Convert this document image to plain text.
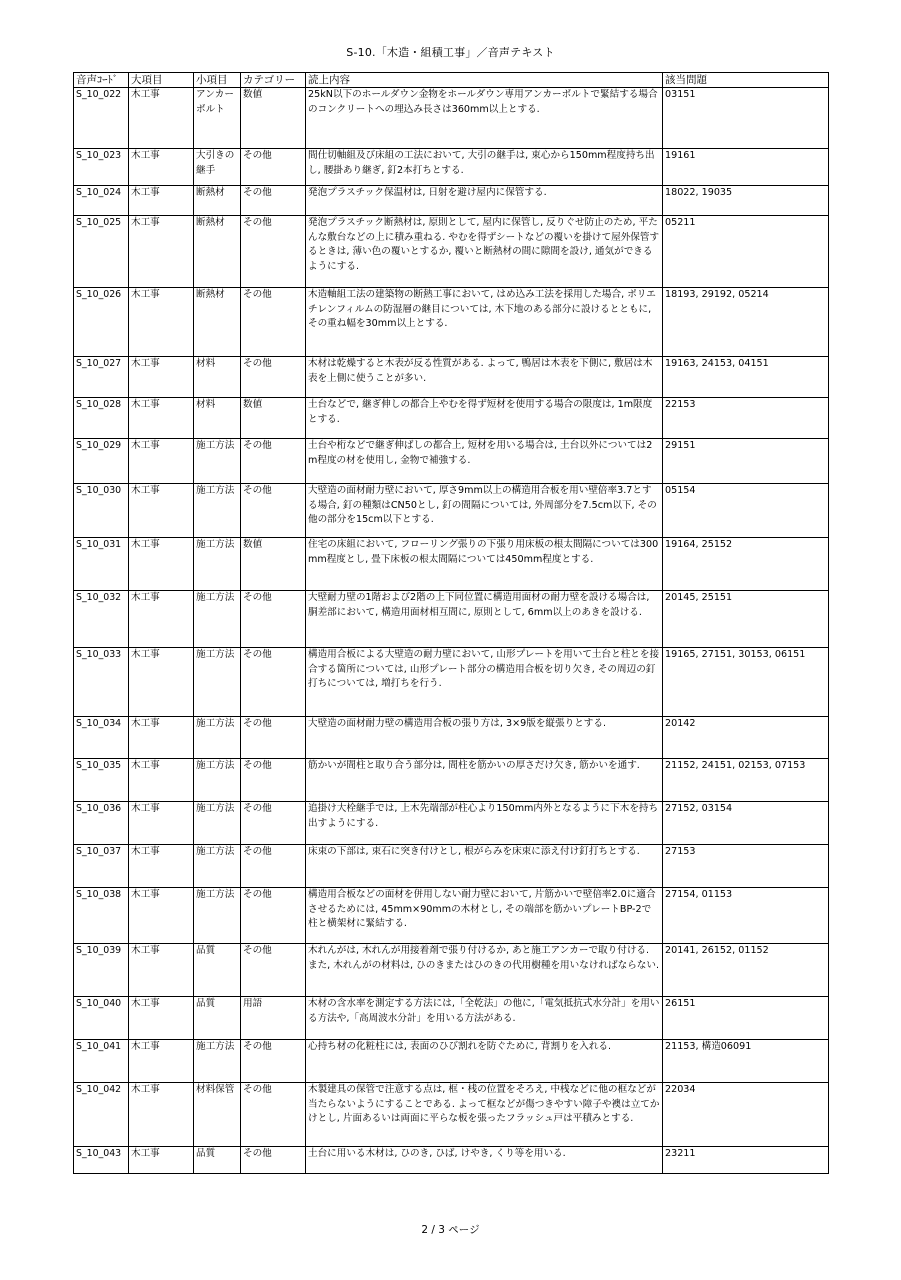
S-10.「木造・組積工事」／音声テキスト
音声ｺｰﾄﾞ	大項目	小項目	カテゴリー	読上内容	該当問題
S_10_022	木工事	アンカーボルト	数値	25kN以下のホールダウン金物をホールダウン専用アンカーボルトで緊結する場合のコンクリートへの埋込み長さは360mm以上とする.	03151
S_10_023	木工事	大引きの継手	その他	間仕切軸組及び床組の工法において, 大引の継手は, 束心から150mm程度持ち出し, 腰掛あり継ぎ, 釘2本打ちとする.	19161
S_10_024	木工事	断熱材	その他	発泡プラスチック保温材は, 日射を避け屋内に保管する.	18022, 19035
S_10_025	木工事	断熱材	その他	発泡プラスチック断熱材は, 原則として, 屋内に保管し, 反りぐせ防止のため, 平たんな敷台などの上に積み重ねる. やむを得ずシートなどの覆いを掛けて屋外保管するときは, 薄い色の覆いとするか, 覆いと断熱材の間に隙間を設け, 通気ができるようにする.	05211
S_10_026	木工事	断熱材	その他	木造軸組工法の建築物の断熱工事において, はめ込み工法を採用した場合, ポリエチレンフィルムの防湿層の継目については, 木下地のある部分に設けるとともに, その重ね幅を30mm以上とする.	18193, 29192, 05214
S_10_027	木工事	材料	その他	木材は乾燥すると木表が反る性質がある. よって, 鴨居は木表を下側に, 敷居は木表を上側に使うことが多い.	19163, 24153, 04151
S_10_028	木工事	材料	数値	土台などで, 継ぎ伸しの都合上やむを得ず短材を使用する場合の限度は, 1m限度とする.	22153
S_10_029	木工事	施工方法	その他	土台や桁などで継ぎ伸ばしの都合上, 短材を用いる場合は, 土台以外については2m程度の材を使用し, 金物で補強する.	29151
S_10_030	木工事	施工方法	その他	大壁造の面材耐力壁において, 厚さ9mm以上の構造用合板を用い壁倍率3.7とする場合, 釘の種類はCN50とし, 釘の間隔については, 外周部分を7.5cm以下, その他の部分を15cm以下とする.	05154
S_10_031	木工事	施工方法	数値	住宅の床組において, フローリング張りの下張り用床板の根太間隔については300mm程度とし, 畳下床板の根太間隔については450mm程度とする.	19164, 25152
S_10_032	木工事	施工方法	その他	大壁耐力壁の1階および2階の上下同位置に構造用面材の耐力壁を設ける場合は, 胴差部において, 構造用面材相互間に, 原則として, 6mm以上のあきを設ける.	20145, 25151
S_10_033	木工事	施工方法	その他	構造用合板による大壁造の耐力壁において, 山形プレートを用いて土台と柱とを接合する箇所については, 山形プレート部分の構造用合板を切り欠き, その周辺の釘打ちについては, 増打ちを行う.	19165, 27151, 30153, 06151
S_10_034	木工事	施工方法	その他	大壁造の面材耐力壁の構造用合板の張り方は, 3×9版を縦張りとする.	20142
S_10_035	木工事	施工方法	その他	筋かいが間柱と取り合う部分は, 間柱を筋かいの厚さだけ欠き, 筋かいを通す.	21152, 24151, 02153, 07153
S_10_036	木工事	施工方法	その他	追掛け大栓継手では, 上木先端部が柱心より150mm内外となるように下木を持ち出すようにする.	27152, 03154
S_10_037	木工事	施工方法	その他	床束の下部は, 束石に突き付けとし, 根がらみを床束に添え付け釘打ちとする.	27153
S_10_038	木工事	施工方法	その他	構造用合板などの面材を併用しない耐力壁において, 片筋かいで壁倍率2.0に適合させるためには, 45mm×90mmの木材とし, その端部を筋かいプレートBP-2で柱と横架材に緊結する.	27154, 01153
S_10_039	木工事	品質	その他	木れんがは, 木れんが用接着剤で張り付けるか, あと施工アンカーで取り付ける. また, 木れんがの材料は, ひのきまたはひのきの代用樹種を用いなければならない.	20141, 26152, 01152
S_10_040	木工事	品質	用語	木材の含水率を測定する方法には,「全乾法」の他に,「電気抵抗式水分計」を用いる方法や,「高周波水分計」を用いる方法がある.	26151
S_10_041	木工事	施工方法	その他	心持ち材の化粧柱には, 表面のひび割れを防ぐために, 背割りを入れる.	21153, 構造06091
S_10_042	木工事	材料保管	その他	木製建具の保管で注意する点は, 框・桟の位置をそろえ, 中桟などに他の框などが当たらないようにすることである. よって框などが傷つきやすい障子や襖は立てかけとし, 片面あるいは両面に平らな板を張ったフラッシュ戸は平積みとする.	22034
S_10_043	木工事	品質	その他	土台に用いる木材は, ひのき, ひば, けやき, くり等を用いる.	23211
2 / 3 ページ
